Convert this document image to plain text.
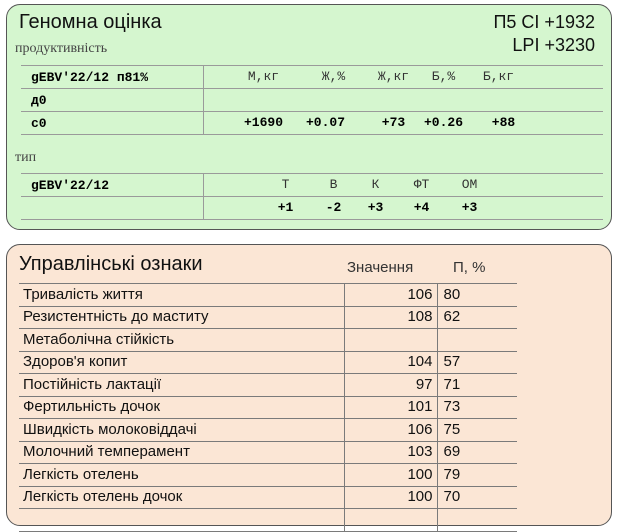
Геномна оцінка	П5 CI +1932
LPI +3230
продуктивність
gEBV'22/12 п81%	М,кг Ж,% Ж,кг Б,% Б,кг

д0	

с0	+1690 +0.07 +73 +0.26 +88
тип
gEBV'22/12	Т В К ФТ ОМ

	+1 -2 +3 +4 +3
Управлінські ознаки	Значення	П, %
Тривалість життя	106	80
Резистентність до маститу	108	62
Метаболічна стійкість		
Здоров'я копит	104	57
Постійність лактації	97	71
Фертильність дочок	101	73
Швидкість молоковіддачі	106	75
Молочний темперамент	103	69
Легкість отелень	100	79
Легкість отелень дочок	100	70
